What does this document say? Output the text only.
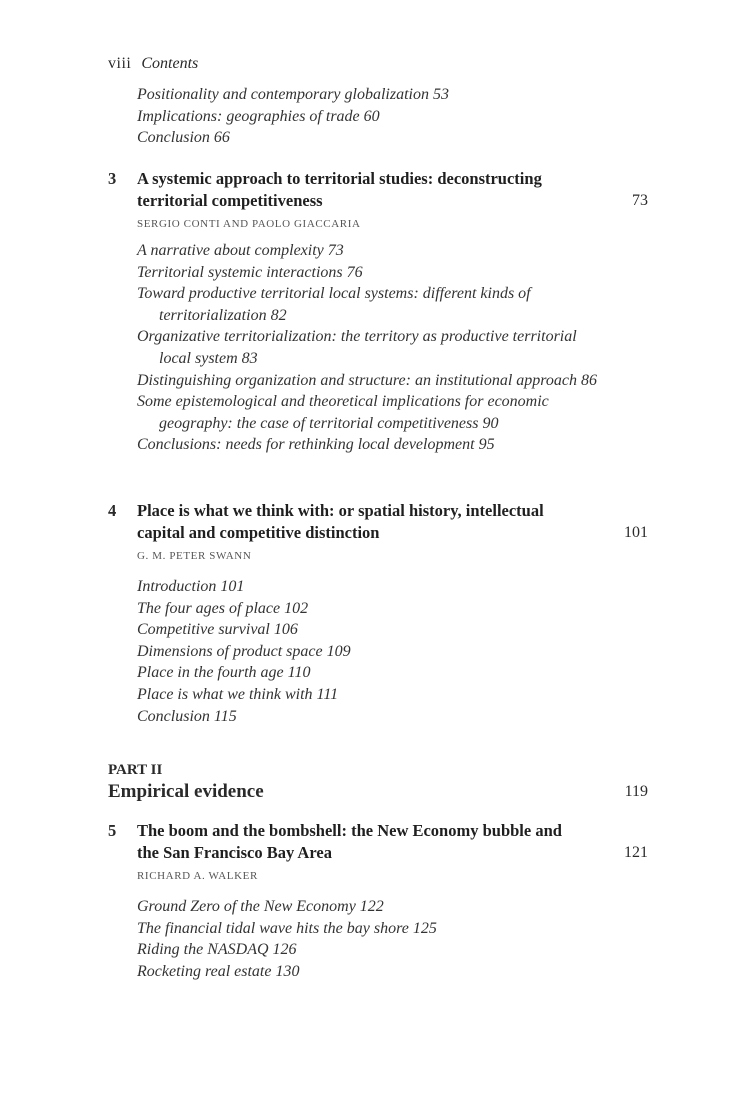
viii Contents
Positionality and contemporary globalization 53
Implications: geographies of trade 60
Conclusion 66
3 A systemic approach to territorial studies: deconstructing territorial competitiveness	73
SERGIO CONTI AND PAOLO GIACCARIA
A narrative about complexity 73
Territorial systemic interactions 76
Toward productive territorial local systems: different kinds of territorialization 82
Organizative territorialization: the territory as productive territorial local system 83
Distinguishing organization and structure: an institutional approach 86
Some epistemological and theoretical implications for economic geography: the case of territorial competitiveness 90
Conclusions: needs for rethinking local development 95
4 Place is what we think with: or spatial history, intellectual capital and competitive distinction	101
G. M. PETER SWANN
Introduction 101
The four ages of place 102
Competitive survival 106
Dimensions of product space 109
Place in the fourth age 110
Place is what we think with 111
Conclusion 115
PART II
Empirical evidence	119
5 The boom and the bombshell: the New Economy bubble and the San Francisco Bay Area	121
RICHARD A. WALKER
Ground Zero of the New Economy 122
The financial tidal wave hits the bay shore 125
Riding the NASDAQ 126
Rocketing real estate 130
